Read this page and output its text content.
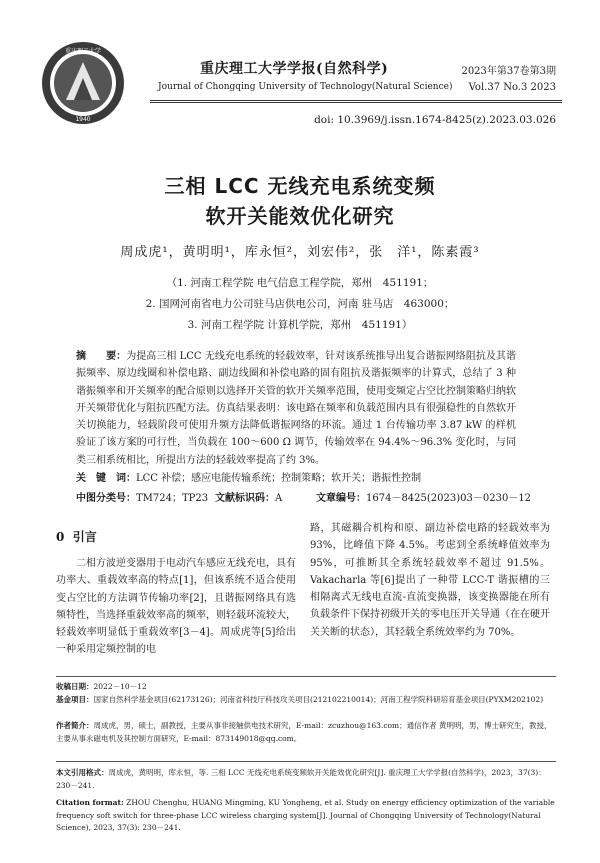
重庆理工大学
1940
重庆理工大学学报(自然科学)
Journal of Chongqing University of Technology(Natural Science)
2023年第37卷第3期
Vol.37 No.3 2023
doi: 10.3969/j.issn.1674-8425(z).2023.03.026
三相 LCC 无线充电系统变频
软开关能效优化研究
周成虎¹，黄明明¹，库永恒²，刘宏伟²，张　洋¹，陈素霞³
（1. 河南工程学院 电气信息工程学院，郑州　451191；
2. 国网河南省电力公司驻马店供电公司，河南 驻马店　463000；
3. 河南工程学院 计算机学院，郑州　451191）
摘　　要：为提高三相 LCC 无线充电系统的轻载效率，针对该系统推导出复合谐振网络阻抗及其谐振频率、原边线圈和补偿电路、副边线圈和补偿电路的固有阻抗及谐振频率的计算式，总结了 3 种谐振频率和开关频率的配合原则以选择开关管的软开关频率范围，使用变频定占空比控制策略归纳软开关频带优化与阻抗匹配方法。仿真结果表明：该电路在频率和负载范围内具有很强稳性的自然软开关切换能力，轻载阶段可使用升频方法降低谐振网络的环流。通过 1 台传输功率 3.87 kW 的样机验证了该方案的可行性，当负载在 100～600 Ω 调节，传输效率在 94.4%～96.3% 变化时，与同类三相系统相比，所提出方法的轻载效率提高了约 3%。
关　键　词：LCC 补偿；感应电能传输系统；控制策略；软开关；谐振性控制
中图分类号：TM724；TP23 文献标识码：A	文章编号：1674－8425(2023)03－0230－12
0 引言

二相方波逆变器用于电动汽车感应无线充电，具有功率大、重载效率高的特点[1]，但该系统不适合使用变占空比的方法调节传输功率[2]，且谐振网络具有选频特性，当选择重载效率高的频率，则轻载环流较大，轻载效率明显低于重载效率[3－4]。周成虎等[5]给出一种采用定频控制的电

路，其磁耦合机构和原、副边补偿电路的轻载效率为 93%，比峰值下降 4.5%。考虑到全系统峰值效率为 95%，可推断其全系统轻载效率不超过 91.5%。Vakacharla 等[6]提出了一种带 LCC-T 谐振槽的三相隔离式无线电直流-直流变换器，该变换器能在所有负载条件下保持初级开关的零电压开关导通（在在硬开关关断的状态），其轻载全系统效率约为 70%。

收稿日期：2022－10－12
基金项目：国家自然科学基金项目(62173126)；河南省科技厅科技攻关项目(212102210014)；河南工程学院科研培育基金项目(PYXM202102)
作者简介：周成虎，男，硕士，副教授，主要从事非接触供电技术研究，E-mail：zcuzhou@163.com；通信作者 黄明明，男，博士研究生，教授，主要从事永磁电机及其控制方面研究，E-mail：873149018@qq.com。
本文引用格式：周成虎，黄明明，库永恒，等. 三相 LCC 无线充电系统变频软开关能效优化研究[J]. 重庆理工大学学报(自然科学)，2023，37(3)：230－241.
Citation format: ZHOU Chenghu, HUANG Mingming, KU Yongheng, et al. Study on energy efficiency optimization of the variable frequency soft switch for three-phase LCC wireless charging system[J]. Journal of Chongqing University of Technology(Natural Science), 2023, 37(3): 230－241.
